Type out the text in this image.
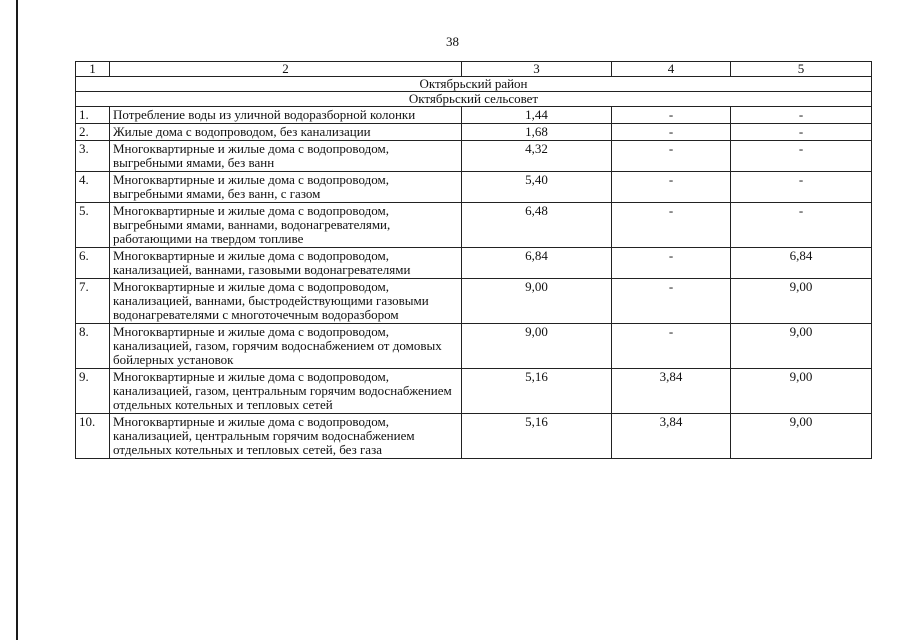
38
1	2	3	4	5
Октябрьский район				
Октябрьский сельсовет				
1.	Потребление воды из уличной водоразборной колонки	1,44	-	-
2.	Жилые дома с водопроводом, без канализации	1,68	-	-
3.	Многоквартирные и жилые дома с водопроводом, выгребными ямами, без ванн	4,32	-	-
4.	Многоквартирные и жилые дома с водопроводом, выгребными ямами, без ванн, с газом	5,40	-	-
5.	Многоквартирные и жилые дома с водопроводом, выгребными ямами, ваннами, водонагревателями, работающими на твердом топливе	6,48	-	-
6.	Многоквартирные и жилые дома с водопроводом, канализацией, ваннами, газовыми водонагревателями	6,84	-	6,84
7.	Многоквартирные и жилые дома с водопроводом, канализацией, ваннами, быстродействующими газовыми водонагревателями с многоточечным водоразбором	9,00	-	9,00
8.	Многоквартирные и жилые дома с водопроводом, канализацией, газом, горячим водоснабжением от домовых бойлерных установок	9,00	-	9,00
9.	Многоквартирные и жилые дома с водопроводом, канализацией, газом, центральным горячим водоснабжением отдельных котельных и тепловых сетей	5,16	3,84	9,00
10.	Многоквартирные и жилые дома с водопроводом, канализацией, центральным горячим водоснабжением отдельных котельных и тепловых сетей, без газа	5,16	3,84	9,00
